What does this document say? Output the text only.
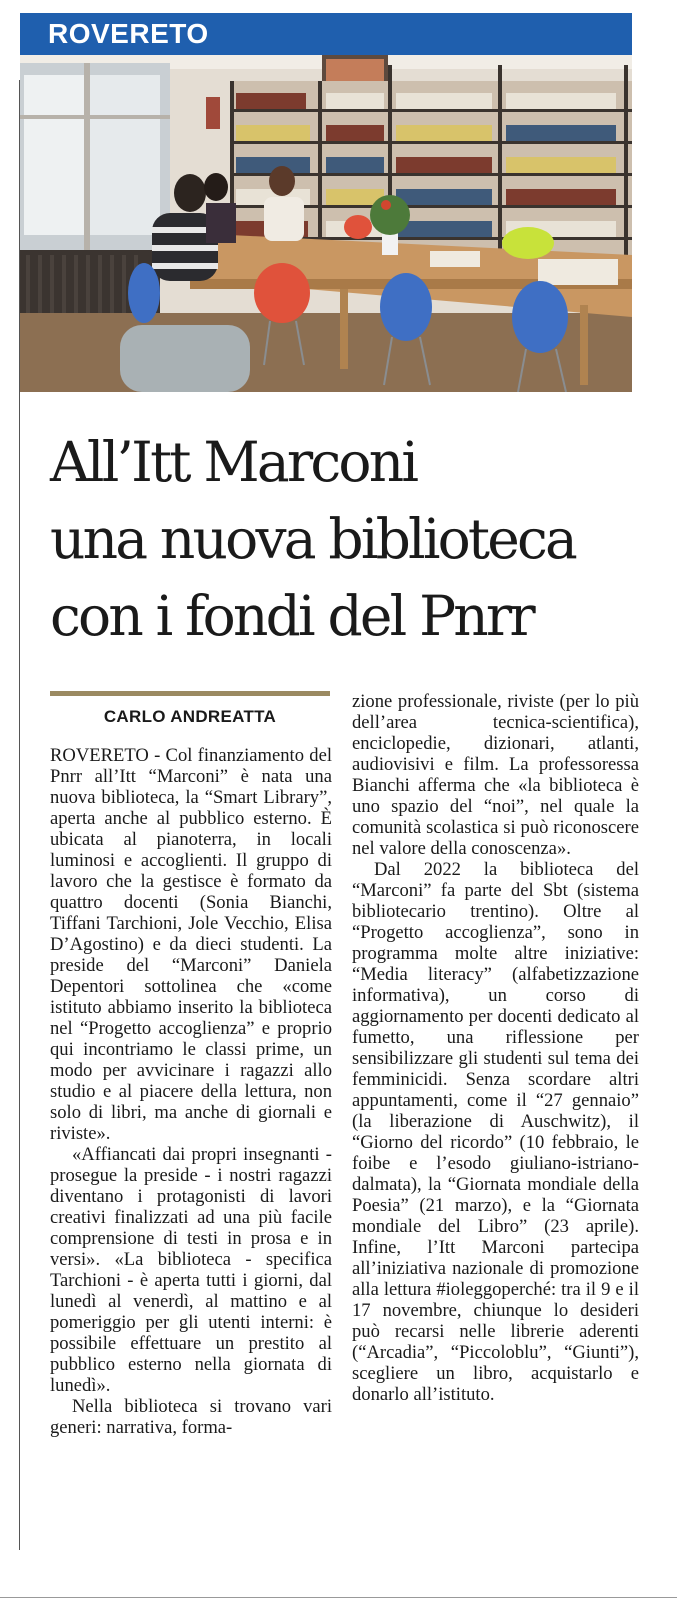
ROVERETO
All’Itt Marconi
una nuova biblioteca
con i fondi del Pnrr
CARLO ANDREATTA

ROVERETO - Col finanziamento del Pnrr all’Itt “Marconi” è nata una nuova biblioteca, la “Smart Library”, aperta anche al pubblico esterno. È ubicata al pianoterra, in locali luminosi e accoglienti. Il gruppo di lavoro che la gestisce è formato da quattro docenti (Sonia Bianchi, Tiffani Tarchioni, Jole Vecchio, Elisa D’Agostino) e da dieci studenti. La preside del “Marconi” Daniela Depentori sottolinea che «come istituto abbiamo inserito la biblioteca nel “Progetto accoglienza” e proprio qui incontriamo le classi prime, un modo per avvicinare i ragazzi allo studio e al piacere della lettura, non solo di libri, ma anche di giornali e riviste».

«Affiancati dai propri insegnanti - prosegue la preside - i nostri ragazzi diventano i protagonisti di lavori creativi finalizzati ad una più facile comprensione di testi in prosa e in versi». «La biblioteca - specifica Tarchioni - è aperta tutti i giorni, dal lunedì al venerdì, al mattino e al pomeriggio per gli utenti interni: è possibile effettuare un prestito al pubblico esterno nella giornata di lunedì».

Nella biblioteca si trovano vari generi: narrativa, forma-

zione professionale, riviste (per lo più dell’area tecnica-scientifica), enciclopedie, dizionari, atlanti, audiovisivi e film. La professoressa Bianchi afferma che «la biblioteca è uno spazio del “noi”, nel quale la comunità scolastica si può riconoscere nel valore della conoscenza».

Dal 2022 la biblioteca del “Marconi” fa parte del Sbt (sistema bibliotecario trentino). Oltre al “Progetto accoglienza”, sono in programma molte altre iniziative: “Media literacy” (alfabetizzazione informativa), un corso di aggiornamento per docenti dedicato al fumetto, una riflessione per sensibilizzare gli studenti sul tema dei femminicidi. Senza scordare altri appuntamenti, come il “27 gennaio” (la liberazione di Auschwitz), il “Giorno del ricordo” (10 febbraio, le foibe e l’esodo giuliano-istriano-dalmata), la “Giornata mondiale della Poesia” (21 marzo), e la “Giornata mondiale del Libro” (23 aprile). Infine, l’Itt Marconi partecipa all’iniziativa nazionale di promozione alla lettura #ioleggoperché: tra il 9 e il 17 novembre, chiunque lo desideri può recarsi nelle librerie aderenti (“Arcadia”, “Piccoloblu”, “Giunti”), scegliere un libro, acquistarlo e donarlo all’istituto.
